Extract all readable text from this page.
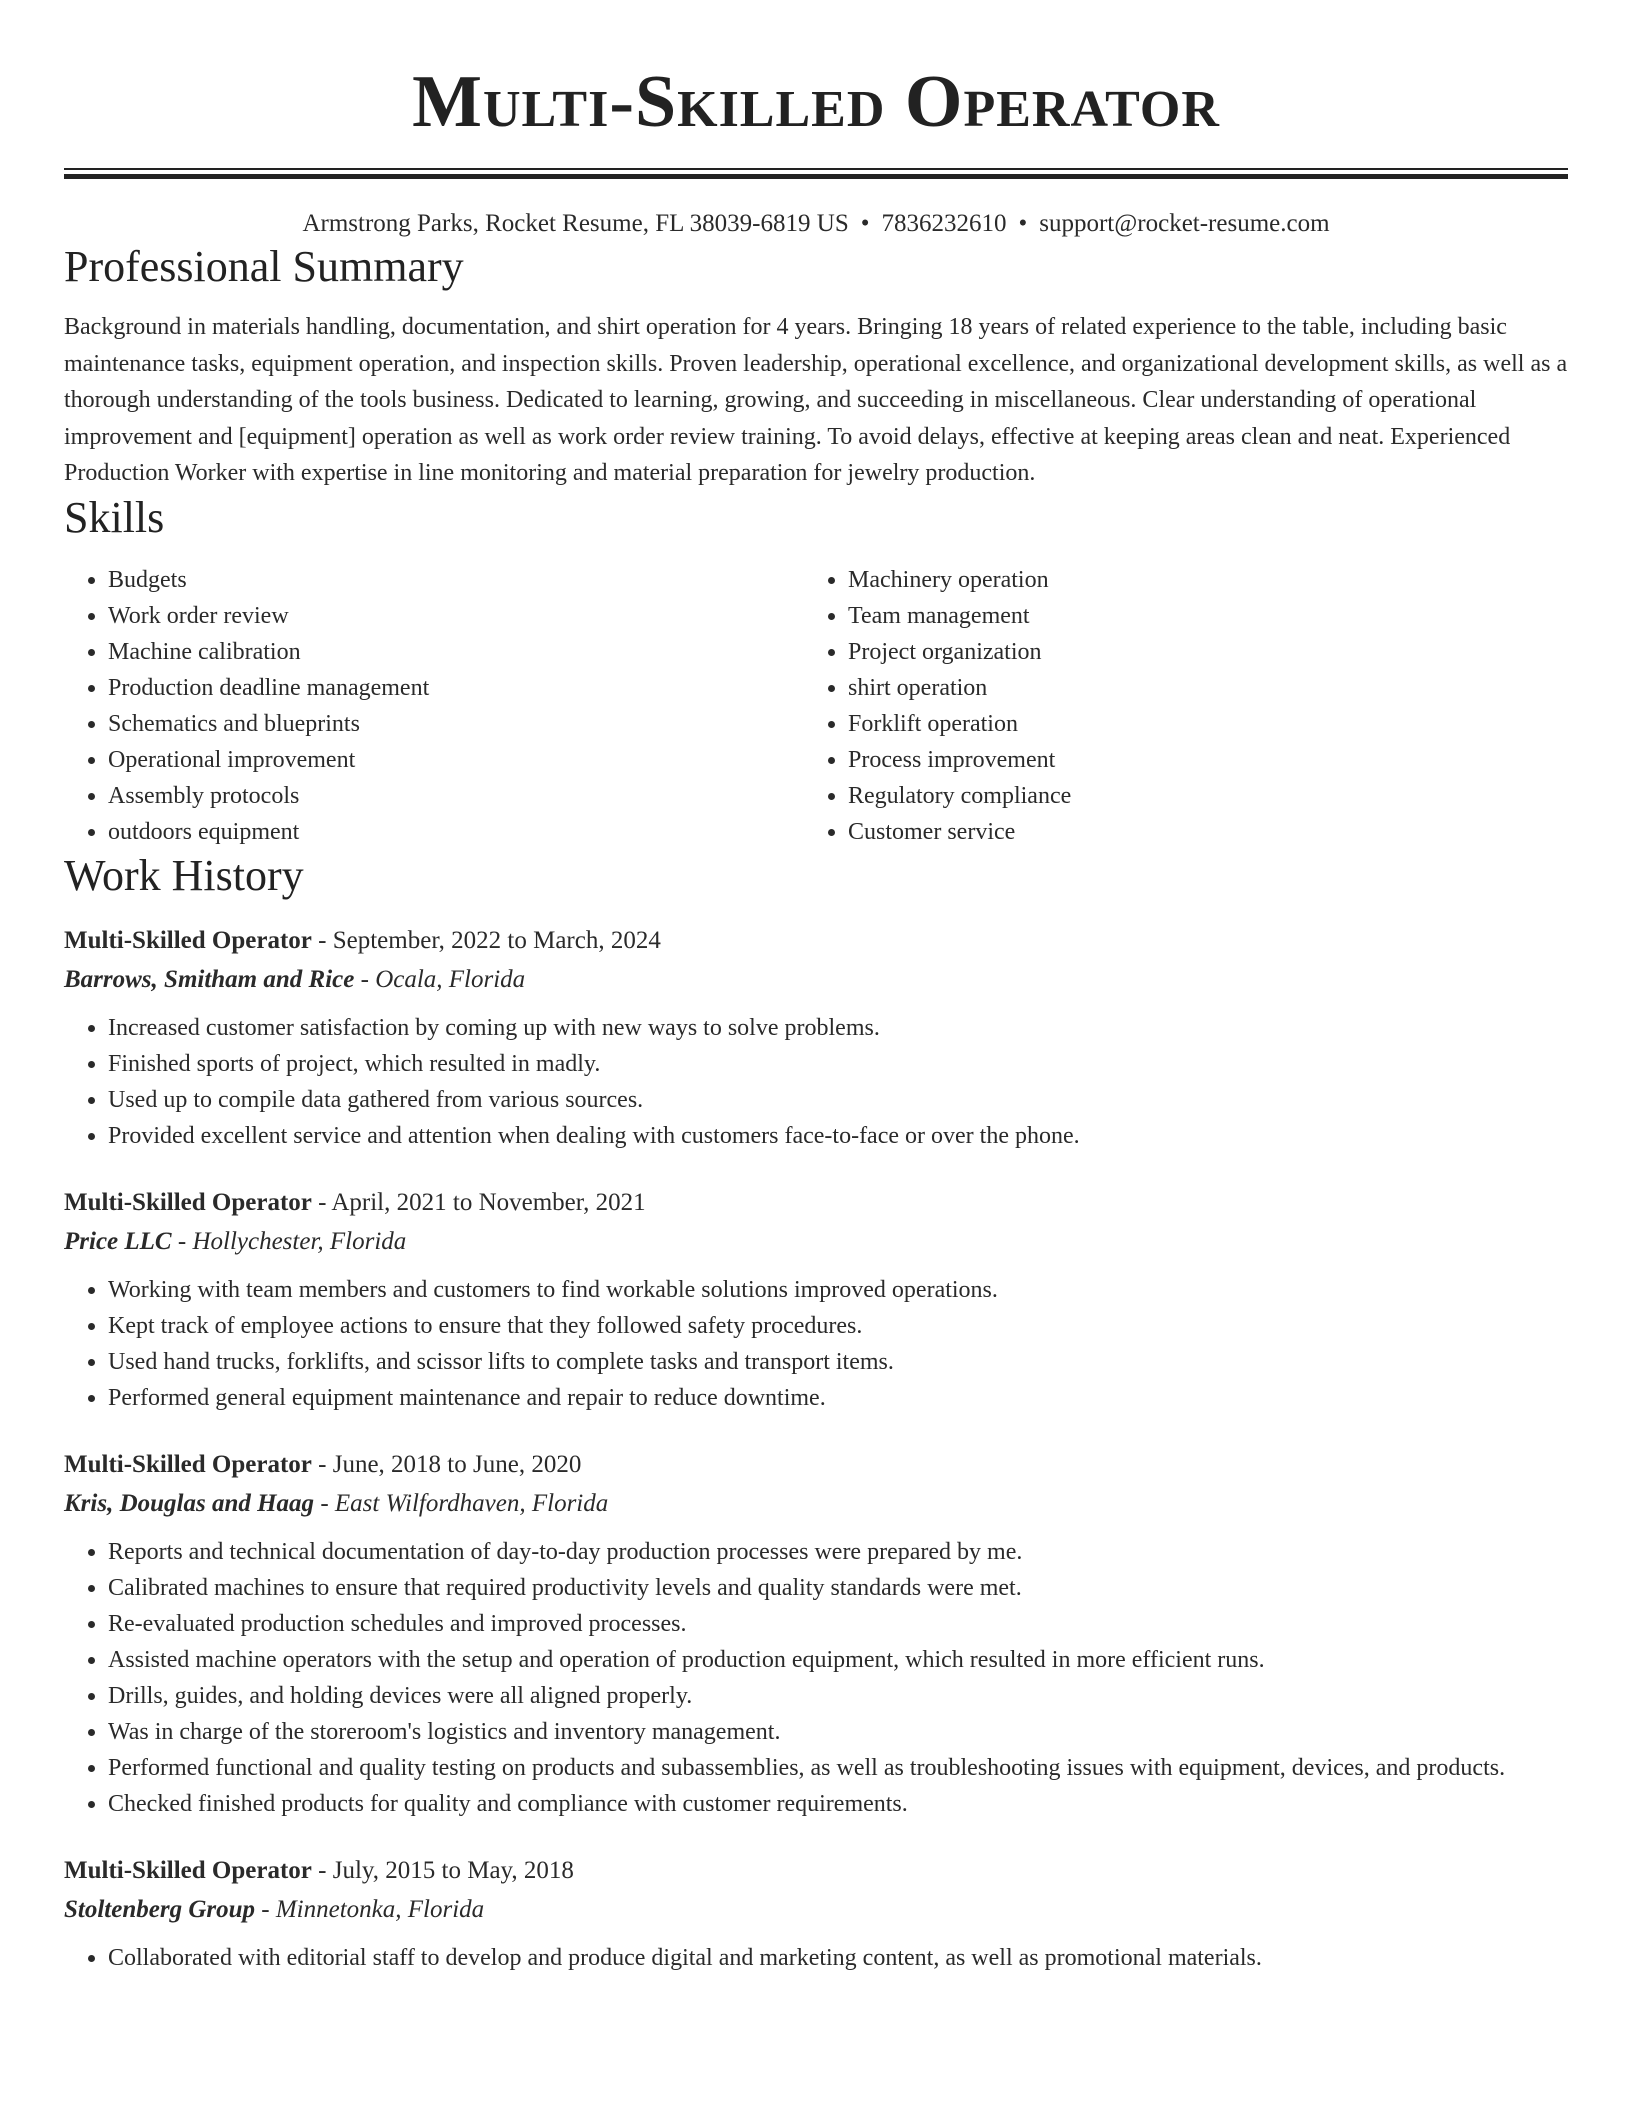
Multi-Skilled Operator
Armstrong Parks, Rocket Resume, FL 38039-6819 US • 7836232610 • support@rocket-resume.com
Professional Summary

Background in materials handling, documentation, and shirt operation for 4 years. Bringing 18 years of related experience to the table, including basic maintenance tasks, equipment operation, and inspection skills. Proven leadership, operational excellence, and organizational development skills, as well as a thorough understanding of the tools business. Dedicated to learning, growing, and succeeding in miscellaneous. Clear understanding of operational improvement and [equipment] operation as well as work order review training. To avoid delays, effective at keeping areas clean and neat. Experienced Production Worker with expertise in line monitoring and material preparation for jewelry production.

Skills
• Budgets
• Work order review
• Machine calibration
• Production deadline management
• Schematics and blueprints
• Operational improvement
• Assembly protocols
• outdoors equipment
• Machinery operation
• Team management
• Project organization
• shirt operation
• Forklift operation
• Process improvement
• Regulatory compliance
• Customer service
Work History
Multi-Skilled Operator - September, 2022 to March, 2024
Barrows, Smitham and Rice - Ocala, Florida
• Increased customer satisfaction by coming up with new ways to solve problems.
• Finished sports of project, which resulted in madly.
• Used up to compile data gathered from various sources.
• Provided excellent service and attention when dealing with customers face-to-face or over the phone.
Multi-Skilled Operator - April, 2021 to November, 2021
Price LLC - Hollychester, Florida
• Working with team members and customers to find workable solutions improved operations.
• Kept track of employee actions to ensure that they followed safety procedures.
• Used hand trucks, forklifts, and scissor lifts to complete tasks and transport items.
• Performed general equipment maintenance and repair to reduce downtime.
Multi-Skilled Operator - June, 2018 to June, 2020
Kris, Douglas and Haag - East Wilfordhaven, Florida
• Reports and technical documentation of day-to-day production processes were prepared by me.
• Calibrated machines to ensure that required productivity levels and quality standards were met.
• Re-evaluated production schedules and improved processes.
• Assisted machine operators with the setup and operation of production equipment, which resulted in more efficient runs.
• Drills, guides, and holding devices were all aligned properly.
• Was in charge of the storeroom's logistics and inventory management.
• Performed functional and quality testing on products and subassemblies, as well as troubleshooting issues with equipment, devices, and products.
• Checked finished products for quality and compliance with customer requirements.
Multi-Skilled Operator - July, 2015 to May, 2018
Stoltenberg Group - Minnetonka, Florida
• Collaborated with editorial staff to develop and produce digital and marketing content, as well as promotional materials.
